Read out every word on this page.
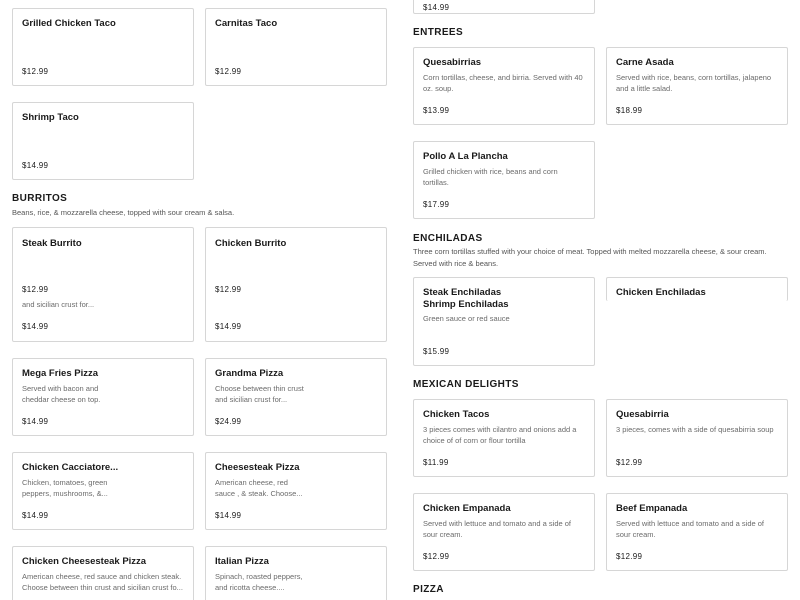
Grilled Chicken Taco
$12.99
Carnitas Taco
$12.99
Shrimp Taco
$14.99
BURRITOS
Beans, rice, & mozzarella cheese, topped with sour cream & salsa.
Steak Burrito
$12.99
and sicilian crust for...
$14.99
Chicken Burrito
$12.99
$14.99
Mega Fries Pizza
Served with bacon and cheddar cheese on top.
$14.99
Grandma Pizza
Choose between thin crust and sicilian crust for...
$24.99
Chicken Cacciatore...
Chicken, tomatoes, green peppers, mushrooms, &...
$14.99
Cheesesteak Pizza
American cheese, red sauce , & steak. Choose...
$14.99
Chicken Cheesesteak Pizza
American cheese, red sauce and chicken steak. Choose between thin crust and sicilian crust fo...
Italian Pizza
Spinach, roasted peppers, and ricotta cheese....
$14.99
ENTREES
Quesabirrias
Corn tortillas, cheese, and birria. Served with 40 oz. soup.
$13.99
Carne Asada
Served with rice, beans, corn tortillas, jalapeno and a little salad.
$18.99
Pollo A La Plancha
Grilled chicken with rice, beans and corn tortillas.
$17.99
ENCHILADAS
Three corn tortillas stuffed with your choice of meat. Topped with melted mozzarella cheese, & sour cream. Served with rice & beans.
Steak Enchiladas
Shrimp Enchiladas
Green sauce or red sauce
$15.99
Chicken Enchiladas
MEXICAN DELIGHTS
Chicken Tacos
3 pieces comes with cilantro and onions add a choice of of corn or flour tortilla
$11.99
Quesabirria
3 pieces, comes with a side of quesabirria soup
$12.99
Chicken Empanada
Served with lettuce and tomato and a side of sour cream.
$12.99
Beef Empanada
Served with lettuce and tomato and a side of sour cream.
$12.99
PIZZA
